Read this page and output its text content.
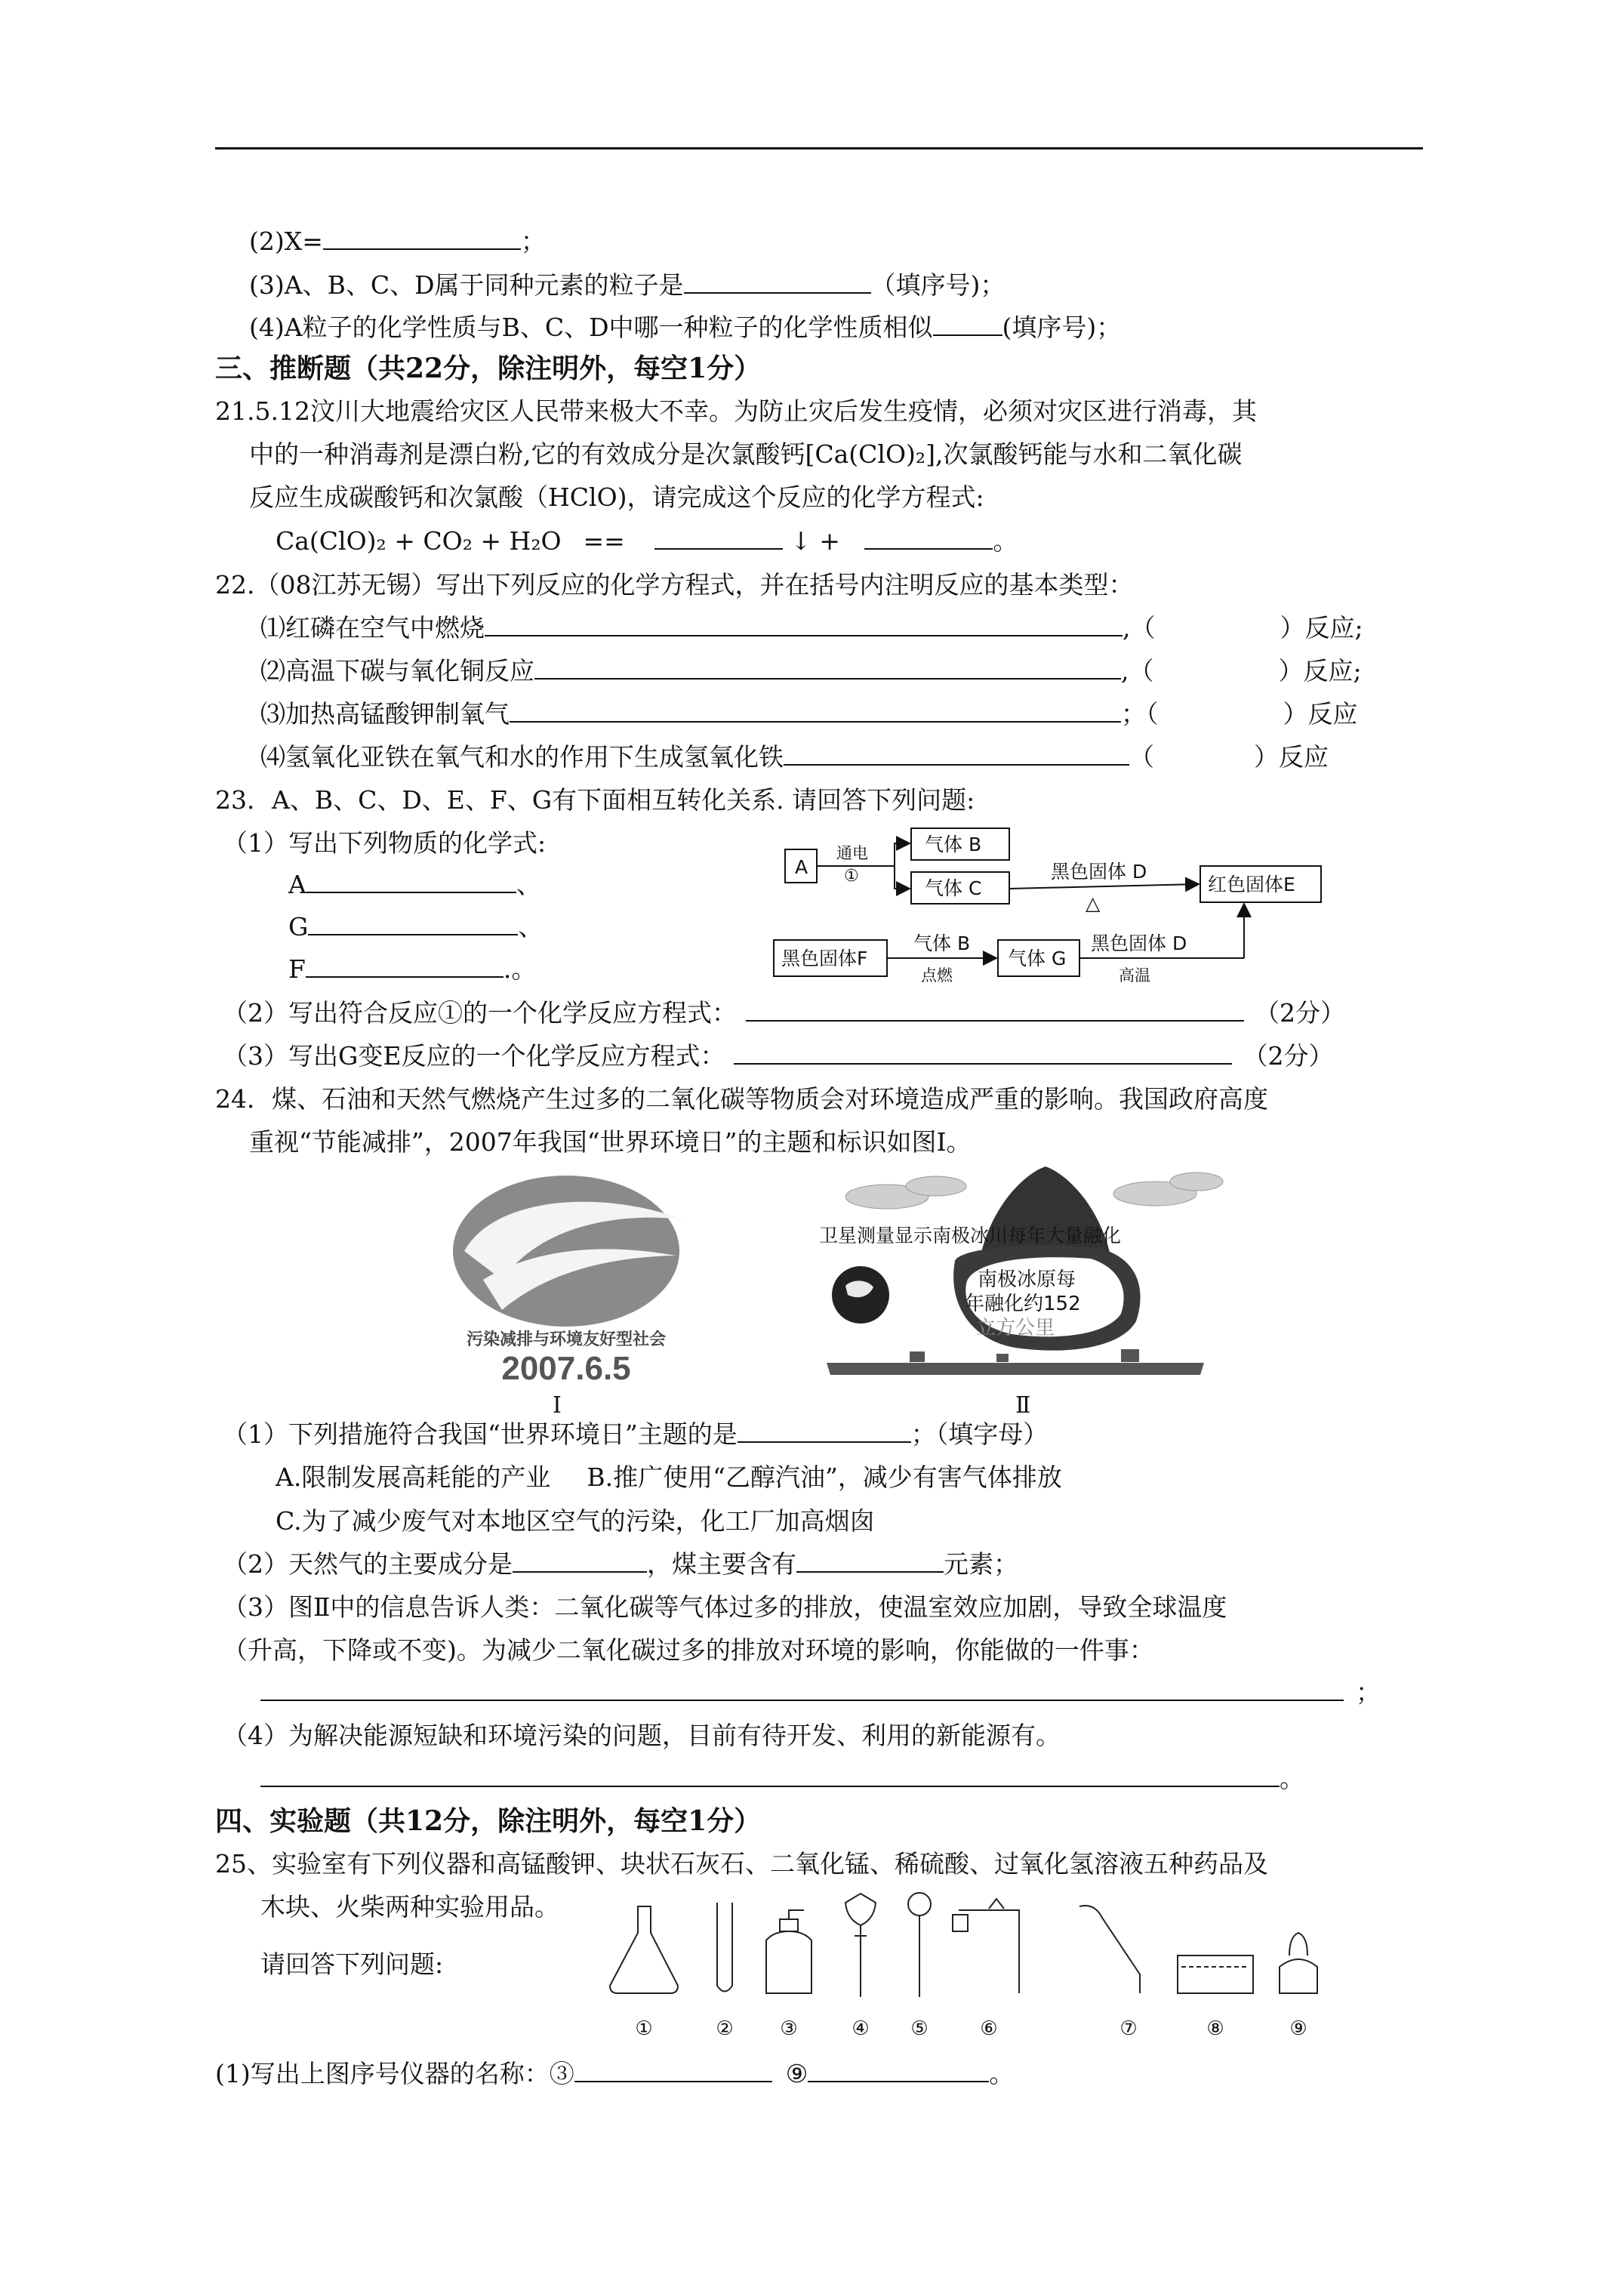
(2)X=	；
(3)A、B、C、D属于同种元素的粒子是	（填序号)；
(4)A粒子的化学性质与B、C、D中哪一种粒子的化学性质相似	(填序号)；
三、推断题（共22分，除注明外，每空1分）
21.5.12汶川大地震给灾区人民带来极大不幸。为防止灾后发生疫情，必须对灾区进行消毒，其
中的一种消毒剂是漂白粉,它的有效成分是次氯酸钙[Ca(ClO)₂],次氯酸钙能与水和二氧化碳
反应生成碳酸钙和次氯酸（HClO)，请完成这个反应的化学方程式:
Ca(ClO)₂ + CO₂ + H₂O ==	↓ +	。
22.（08江苏无锡）写出下列反应的化学方程式，并在括号内注明反应的基本类型：
⑴红磷在空气中燃烧	,（　　　　　）反应;
⑵高温下碳与氧化铜反应	,（　　　　　）反应;
⑶加热高锰酸钾制氧气	；（　　　　　）反应
⑷氢氧化亚铁在氧气和水的作用下生成氢氧化铁	（　　　　）反应
23．A、B、C、D、E、F、G有下面相互转化关系. 请回答下列问题:
（1）写出下列物质的化学式:
A	、
G	、
F	.。
A
通电
①
气体 B
气体 C
黑色固体 D
△
红色固体E
黑色固体F
气体 B
点燃
气体 G
黑色固体 D
高温
（2）写出符合反应①的一个化学反应方程式：	（2分）
（3）写出G变E反应的一个化学反应方程式：	（2分）
24．煤、石油和天然气燃烧产生过多的二氧化碳等物质会对环境造成严重的影响。我国政府高度
重视“节能减排”，2007年我国“世界环境日”的主题和标识如图Ⅰ。
污染减排与环境友好型社会
2007.6.5
卫星测量显示南极冰川每年大量融化
南极冰原每
年融化约152
立方公里
Ⅰ	Ⅱ
（1）下列措施符合我国“世界环境日”主题的是	；（填字母）
A.限制发展高耗能的产业 B.推广使用“乙醇汽油”，减少有害气体排放
C.为了减少废气对本地区空气的污染，化工厂加高烟囱
（2）天然气的主要成分是	，煤主要含有	元素；
（3）图Ⅱ中的信息告诉人类：二氧化碳等气体过多的排放，使温室效应加剧，导致全球温度
（升高，下降或不变)。为减少二氧化碳过多的排放对环境的影响，你能做的一件事：
；
（4）为解决能源短缺和环境污染的问题，目前有待开发、利用的新能源有。
。
四、实验题（共12分，除注明外，每空1分）
25、实验室有下列仪器和高锰酸钾、块状石灰石、二氧化锰、稀硫酸、过氧化氢溶液五种药品及
木块、火柴两种实验用品。
请回答下列问题:
①	② ③	④ ⑤	⑥	⑦	⑧	⑨
(1)写出上图序号仪器的名称：③	⑨	。
